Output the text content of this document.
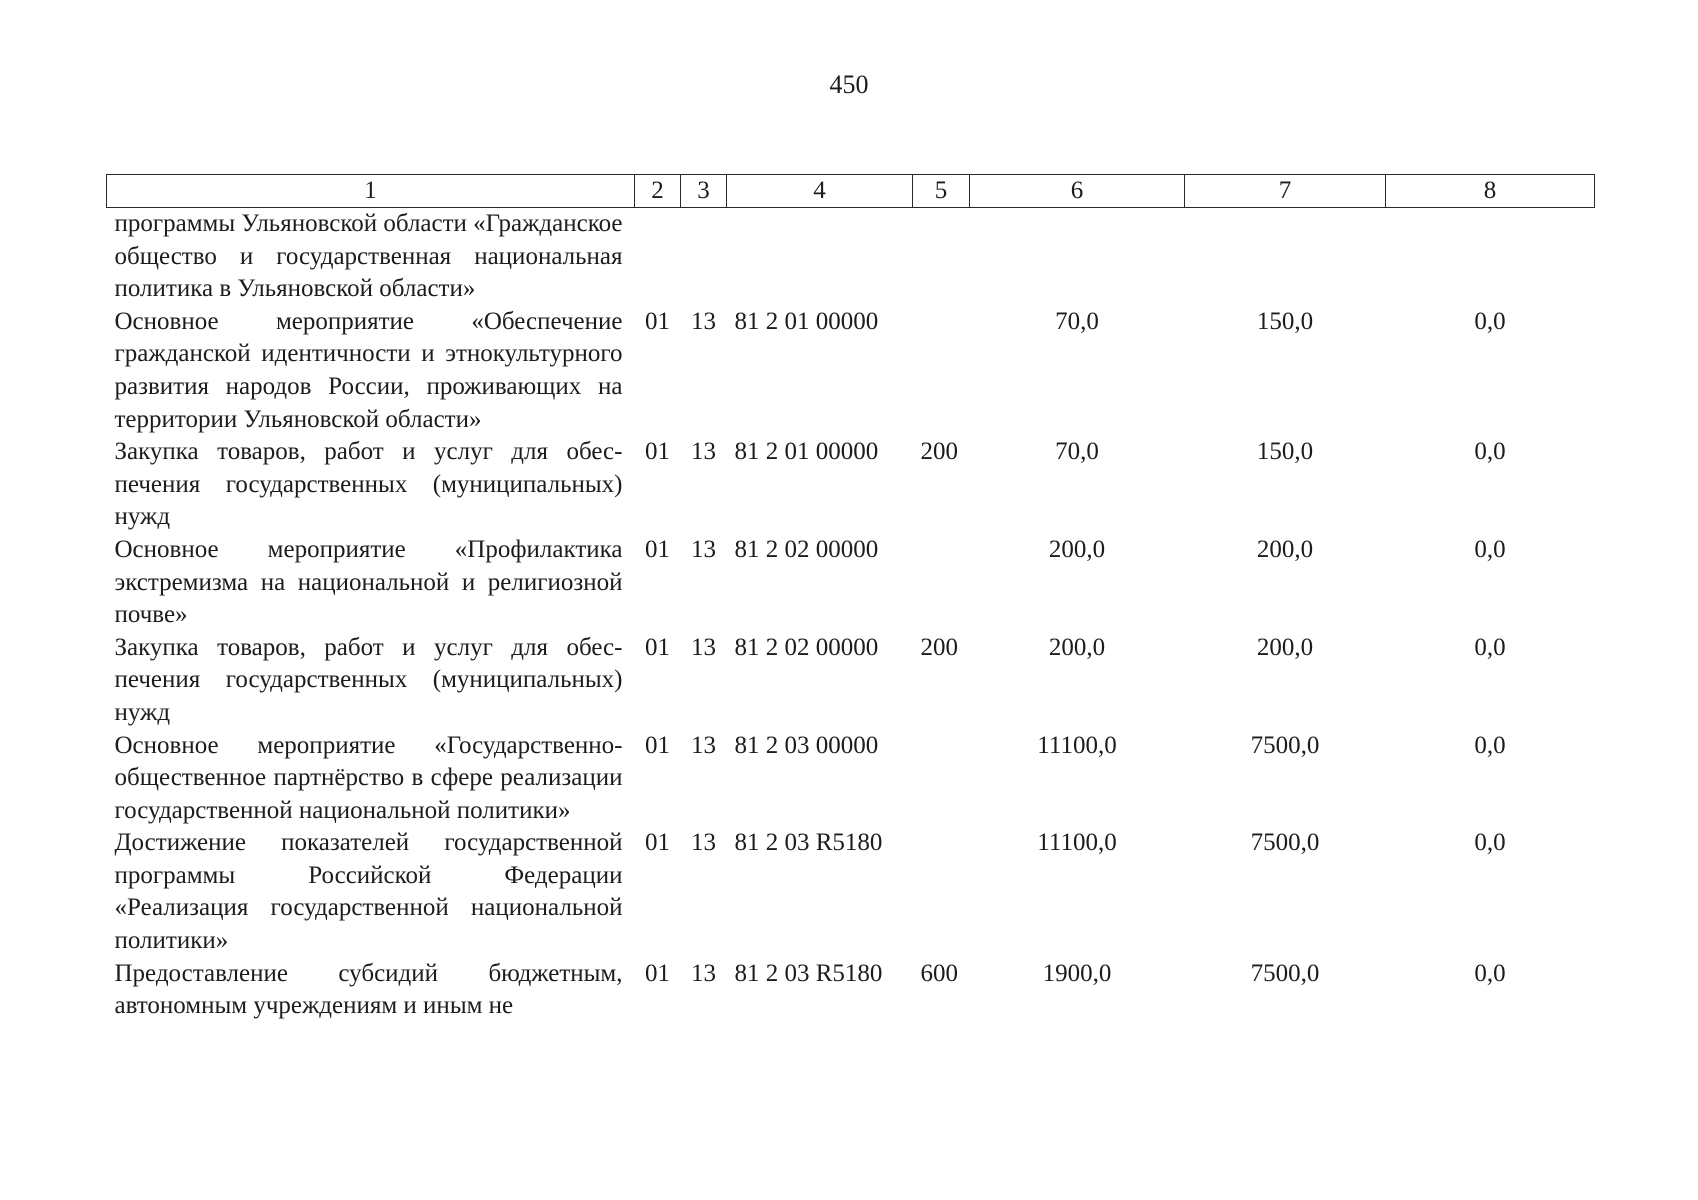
450
1	2	3	4	5	6	7	8
программы Ульяновской области «Гражданское общество и государственная национальная политика в Ульяновской области»							
Основное мероприятие «Обеспечение гражданской идентичности и этнокультурного развития народов России, проживающих на территории Ульяновской области»	01	13	81 2 01 00000		70,0	150,0	0,0
Закупка товаров, работ и услуг для обеспечения государственных (муниципальных) нужд	01	13	81 2 01 00000	200	70,0	150,0	0,0
Основное мероприятие «Профилактика экстремизма на национальной и религиозной почве»	01	13	81 2 02 00000		200,0	200,0	0,0
Закупка товаров, работ и услуг для обеспечения государственных (муниципальных) нужд	01	13	81 2 02 00000	200	200,0	200,0	0,0
Основное мероприятие «Государственно-общественное партнёрство в сфере реализации государственной национальной политики»	01	13	81 2 03 00000		11100,0	7500,0	0,0
Достижение показателей государственной программы Российской Федерации «Реализация государственной национальной политики»	01	13	81 2 03 R5180		11100,0	7500,0	0,0
Предоставление субсидий бюджетным, автономным учреждениям и иным не	01	13	81 2 03 R5180	600	1900,0	7500,0	0,0
